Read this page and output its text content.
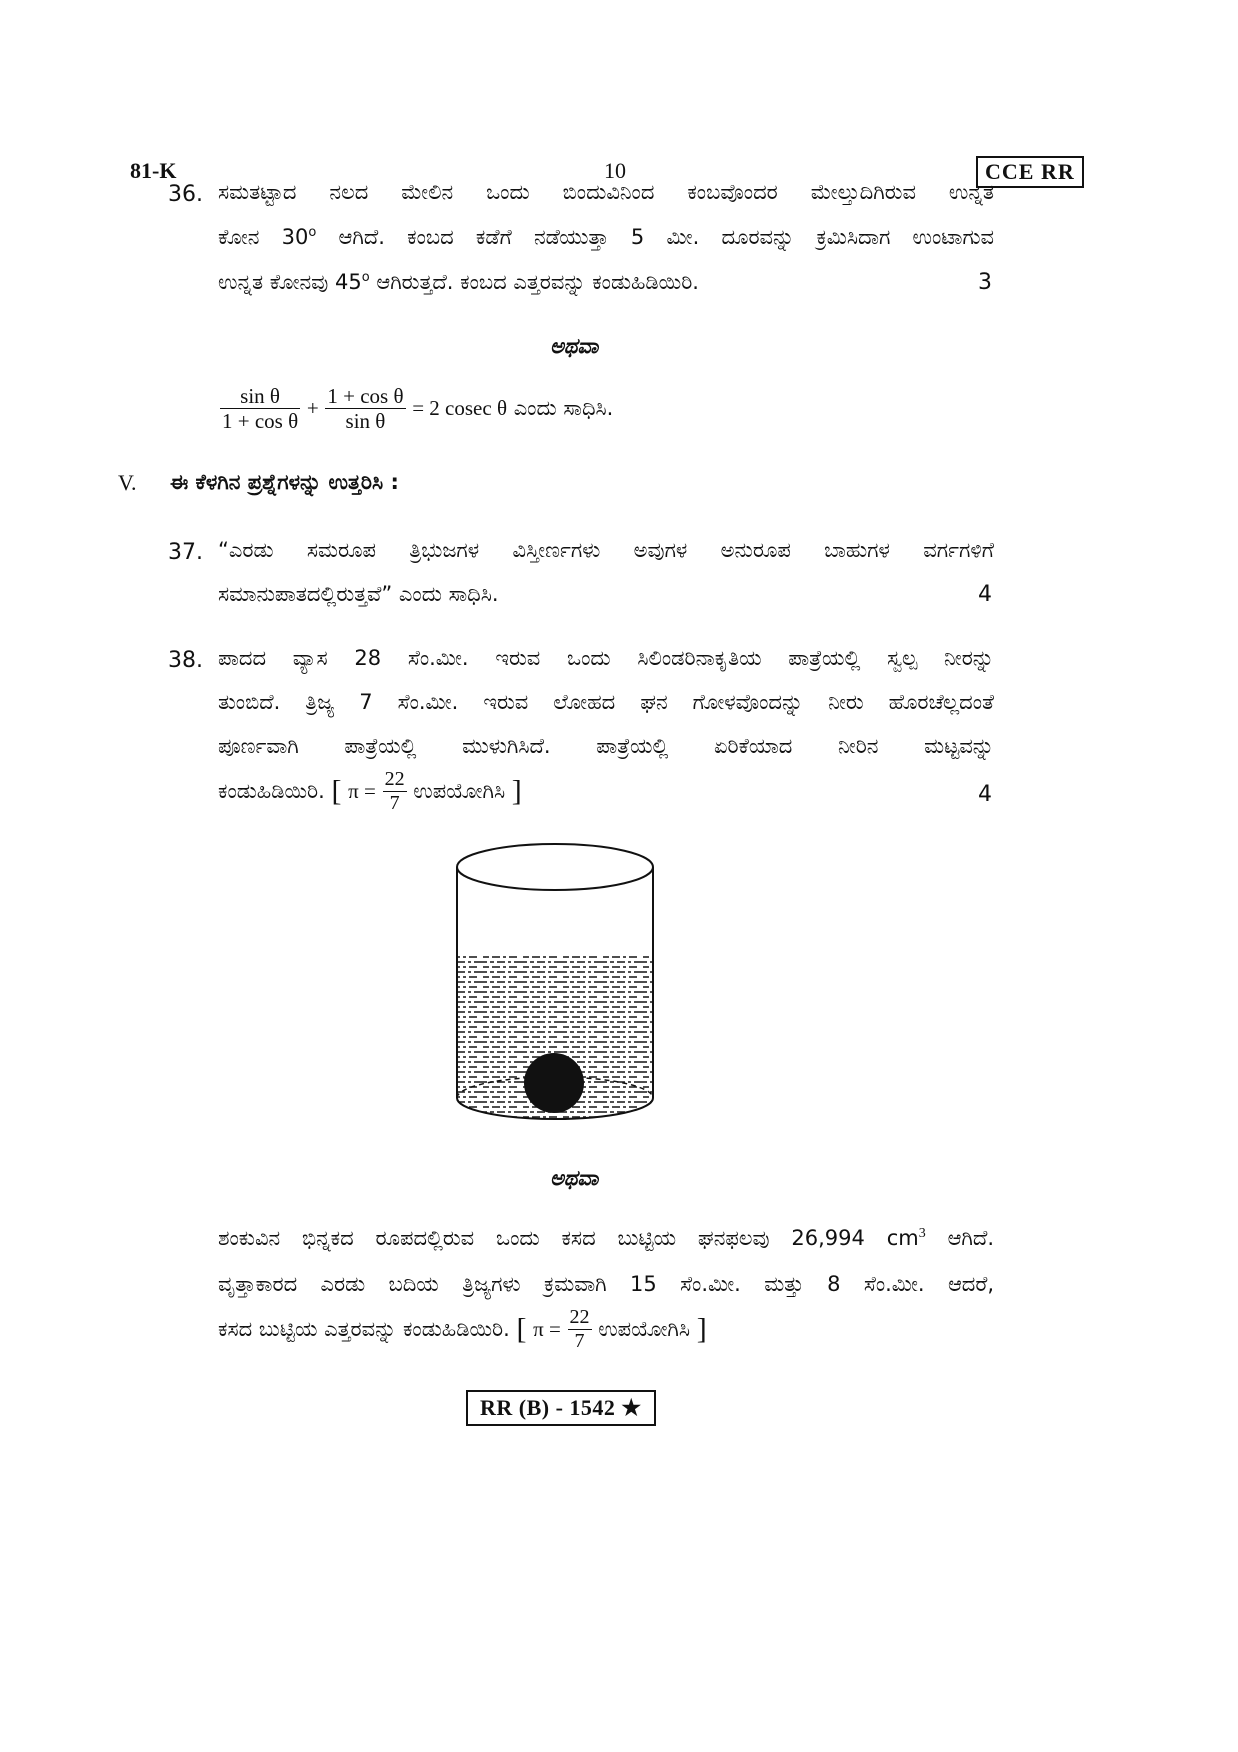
81-K	10	CCE RR
36. ಸಮತಟ್ಟಾದ ನಲದ ಮೇಲಿನ ಒಂದು ಬಿಂದುವಿನಿಂದ ಕಂಬವೊಂದರ ಮೇಲ್ತುದಿಗಿರುವ ಉನ್ನತ
ಕೋನ 30$^o$ ಆಗಿದೆ. ಕಂಬದ ಕಡೆಗೆ ನಡೆಯುತ್ತಾ 5 ಮೀ. ದೂರವನ್ನು ಕ್ರಮಿಸಿದಾಗ ಉಂಟಾಗುವ
ಉನ್ನತ ಕೋನವು 45$^o$ ಆಗಿರುತ್ತದೆ. ಕಂಬದ ಎತ್ತರವನ್ನು ಕಂಡುಹಿಡಿಯಿರಿ.	3
ಅಥವಾ
$\frac{\text{sin θ}}{\text{1 + cos θ}} + \frac{\text{1 + cos θ}}{\text{sin θ}} = 2$ cosec θ ಎಂದು ಸಾಧಿಸಿ.
V. ಈ ಕೆಳಗಿನ ಪ್ರಶ್ನೆಗಳನ್ನು ಉತ್ತರಿಸಿ :
37. “ಎರಡು ಸಮರೂಪ ತ್ರಿಭುಜಗಳ ವಿಸ್ತೀರ್ಣಗಳು ಅವುಗಳ ಅನುರೂಪ ಬಾಹುಗಳ ವರ್ಗಗಳಿಗೆ
ಸಮಾನುಪಾತದಲ್ಲಿರುತ್ತವೆ” ಎಂದು ಸಾಧಿಸಿ.	4
38. ಪಾದದ ವ್ಯಾಸ 28 ಸೆಂ.ಮೀ. ಇರುವ ಒಂದು ಸಿಲಿಂಡರಿನಾಕೃತಿಯ ಪಾತ್ರೆಯಲ್ಲಿ ಸ್ವಲ್ಪ ನೀರನ್ನು
ತುಂಬಿದೆ. ತ್ರಿಜ್ಯ 7 ಸೆಂ.ಮೀ. ಇರುವ ಲೋಹದ ಘನ ಗೋಳವೊಂದನ್ನು ನೀರು ಹೊರಚೆಲ್ಲದಂತೆ
ಪೂರ್ಣವಾಗಿ ಪಾತ್ರೆಯಲ್ಲಿ ಮುಳುಗಿಸಿದೆ. ಪಾತ್ರೆಯಲ್ಲಿ ಏರಿಕೆಯಾದ ನೀರಿನ ಮಟ್ಟವನ್ನು
ಕಂಡುಹಿಡಿಯಿರಿ. [ $\pi = \frac{22}{7}$ ಉಪಯೋಗಿಸಿ ]	4
ಅಥವಾ
ಶಂಕುವಿನ ಭಿನ್ನಕದ ರೂಪದಲ್ಲಿರುವ ಒಂದು ಕಸದ ಬುಟ್ಟಿಯ ಘನಫಲವು 26,994 $cm^3$ ಆಗಿದೆ.
ವೃತ್ತಾಕಾರದ ಎರಡು ಬದಿಯ ತ್ರಿಜ್ಯಗಳು ಕ್ರಮವಾಗಿ 15 ಸೆಂ.ಮೀ. ಮತ್ತು 8 ಸೆಂ.ಮೀ. ಆದರೆ,
ಕಸದ ಬುಟ್ಟಿಯ ಎತ್ತರವನ್ನು ಕಂಡುಹಿಡಿಯಿರಿ. [ $\pi = \frac{22}{7}$ ಉಪಯೋಗಿಸಿ ]
RR (B) - 1542 ★
